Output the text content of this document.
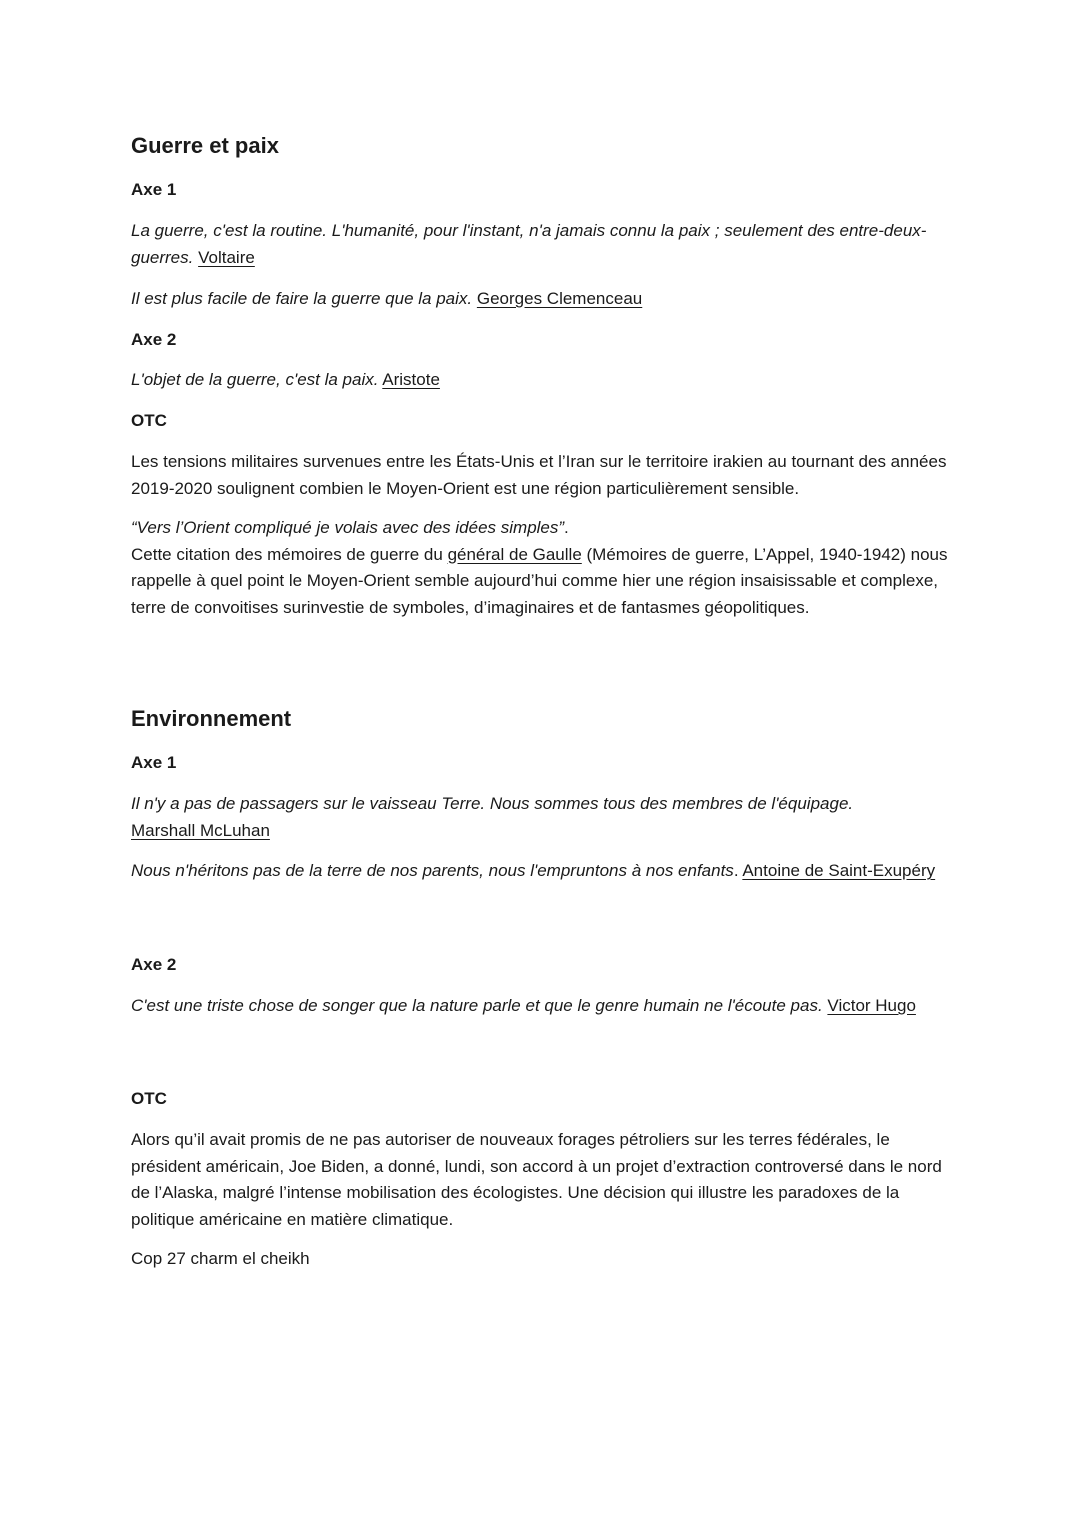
Guerre et paix
Axe 1

La guerre, c'est la routine. L'humanité, pour l'instant, n'a jamais connu la paix ; seulement des entre-deux-guerres. Voltaire

Il est plus facile de faire la guerre que la paix. Georges Clemenceau

Axe 2

L'objet de la guerre, c'est la paix. Aristote

OTC

Les tensions militaires survenues entre les États-Unis et l’Iran sur le territoire irakien au tournant des années 2019-2020 soulignent combien le Moyen-Orient est une région particulièrement sensible.

“Vers l’Orient compliqué je volais avec des idées simples”.
Cette citation des mémoires de guerre du général de Gaulle (Mémoires de guerre, L’Appel, 1940-1942) nous rappelle à quel point le Moyen-Orient semble aujourd’hui comme hier une région insaisissable et complexe, terre de convoitises surinvestie de symboles, d’imaginaires et de fantasmes géopolitiques.

Environnement
Axe 1

Il n'y a pas de passagers sur le vaisseau Terre. Nous sommes tous des membres de l'équipage.
Marshall McLuhan

Nous n'héritons pas de la terre de nos parents, nous l'empruntons à nos enfants. Antoine de Saint-Exupéry

Axe 2

C'est une triste chose de songer que la nature parle et que le genre humain ne l'écoute pas. Victor Hugo

OTC

Alors qu’il avait promis de ne pas autoriser de nouveaux forages pétroliers sur les terres fédérales, le président américain, Joe Biden, a donné, lundi, son accord à un projet d’extraction controversé dans le nord de l’Alaska, malgré l’intense mobilisation des écologistes. Une décision qui illustre les paradoxes de la politique américaine en matière climatique.

Cop 27 charm el cheikh
